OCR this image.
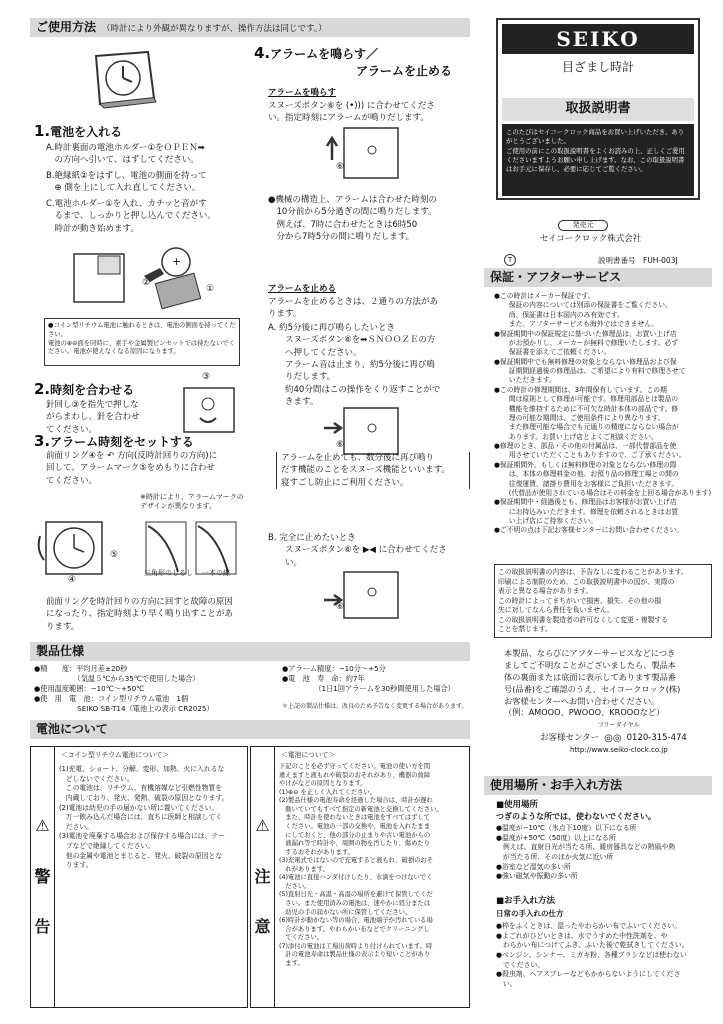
ご使用方法 （時計により外観が異なりますが、操作方法は同じです。）
1.電池を入れる
A.時計裏面の電池ホルダー①をＯＰＥＮ➡
　の方向へ引いて、はずしてください。
B.絶縁紙②をはずし、電池の側面を持って
　⊕ 側を上にして入れ直してください。
C.電池ホルダー①を入れ、カチッと音がす
　るまで、しっかりと押し込んでください。
　時計が動き始めます。
+
①
②
●コイン型リチウム電池に触れるときは、電池の側面を持ってください。
電池の⊕⊖面を同時に、素手や金属製ピンセットでは持たないでください。電池が使えなくなる原因になります。
2.時刻を合わせる
針回し③を指先で押しな
がらまわし、針を合わせ
てください。
③
3.アラーム時刻をセットする
前面リング④を ↶ 方向(反時計回りの方向)に
回して、アラームマーク⑤をめもりに合わせ
てください。
※時計により、アラームマークの
デザインが異なります。
三角形のしるし 一本の線
④
⑤
前面リングを時計回りの方向に回すと故障の原因
になったり、指定時刻より早く鳴り出すことがあ
ります。
4.アラームを鳴らす／
アラームを止める
アラームを鳴らす
スヌーズボタン⑥を (•))) に合わせてくださ
い。指定時刻にアラームが鳴りだします。
⑥
●機械の構造上、アラームは合わせた時刻の
　10分前から5分過ぎの間に鳴りだします。
　例えば、7時に合わせたときは6時50
　分から7時5分の間に鳴りだします。
アラームを止める
アラームを止めるときは、２通りの方法があ
ります。
A. 約5分後に再び鳴らしたいとき
　　スヌーズボタン⑥を➡ＳＮＯＯＺＥの方
　　へ押してください。
　　アラーム音は止まり、約5分後に再び鳴
　　りだします。
　　約40分間はこの操作をくり返すことがで
　　きます。
⑥
アラームを止めても、数分後に再び鳴り
だす機能のことをスヌーズ機能といいます。
寝すごし防止にご利用ください。
B. 完全に止めたいとき
　　スヌーズボタン⑥を ▶◀ に合わせてくださ
　　い。
⑥
SEIKO
目ざまし時計
取扱説明書
このたびはセイコークロック商品をお買い上げいただき、ありがとうございました。
ご使用の前にこの取扱説明書をよくお読みの上、正しくご愛用くださいますようお願い申し上げます。なお、この取扱説明書はお手元に保存し、必要に応じてご覧ください。
発売元
セイコークロック株式会社
T	説明書番号　FUH-003J
保証・アフターサービス

●この時計はメーカー保証です。
　保証の内容については別添の保証書をご覧ください。
　尚、保証書は日本国内のみ有効です。
　また、アフターサービスも海外ではできません。

●保証期間中の保証規定に基づいた修理品は、お買い上げ店
　がお預かりし、メーカーが無料で修理いたします。必ず
　保証書を添えてご依頼ください。

●保証期間中でも無料修理の対象とならない修理品および保
　証期間経過後の修理品は、ご希望により有料で修理させて
　いただきます。

●この時計の修理期間は、3年間保有しています。この期
　間は原則として修理が可能です。修理用部品とは製品の
　機能を維持するために不可欠な時計本体の部品です。修
　理の可能な期間は、ご使用条件により異なります。
　また修理可能な場合でも元通りの精度にならない場合が
　あります。お買い上げ店とよくご相談ください。

●修理のとき、部品・その他の付属品は、一部代替部品を使
　用させていただくこともありますので、ご了承ください。

●保証期間外、もしくは無料修理の対象とならない修理の際
　は、本体の修理料金の他、お預り品の修理工場との間の
　往復運賃、諸掛り費用をお客様にご負担いただきます。
　(代替品が使用されている場合はその料金を上回る場合があります)

●保証期間中・経過後とも、修理品はお客様がお買い上げ店
　にお持込みいただきます。修理を依頼されるときはお買
　い上げ店にご持参ください。

●ご不明の点は下記お客様センターにお問い合わせください。

この取扱説明書の内容は、予告なしに変わることがあります。
印刷による制限のため、この取扱説明書中の図が、実際の
表示と異なる場合があります。
この時計によってまちがいで損害、損失、その他の損
失に対してなんら責任を負いません。
この取扱説明書を製造者の許可なくして変更・複製する
ことを禁じます。
本製品、ならびにアフターサービスなどにつき
ましてご不明なことがございましたら、製品本
体の裏面または底面に表示してあります製品番
号(品番)をご確認のうえ、セイコークロック(株)
お客様センターへお問い合わせください。
（例：AMOOO、PWOOO、KROOOなど）
フリーダイヤル
お客様センター ◎◎ 0120-315-474
http://www.seiko-clock.co.jp
使用場所・お手入れ方法
■使用場所
つぎのような所では、使わないでください。
●温度が−10℃（氷点下10度）以下になる所
●温度が+50℃（50度）以上になる所
　例えば、直射日光が当たる所、暖房器具などの熱風や熱
　が当たる所、そのほか火気に近い所
●浴室など湿気の多い所
●強い磁気や振動の多い所
■お手入れ方法
日常の手入れの仕方
●枠をふくときは、湿ったやわらかい布でふいてください。
●よごれがひどいときは、水でうすめた中性洗剤を、や
　わらかい布につけてふき、ふいた後で乾拭きしてください。
●ベンジン、シンナー、ミガキ粉、各種ブラシなどは使わない
　でください。
●殺虫剤、ヘアスプレーなどもかからないようにしてくださ
　い。
製品仕様
●精　　度：平均月差±20秒
　　　　　　（気温５℃から35℃で使用した場合）
●使用温度範囲：−10℃〜+50℃
●使　用　電　池：コイン型リチウム電池　1個
　　　　　　SEIKO SB-T14（電池上の表示 CR2025）
●アラーム精度：−10分〜+5分
●電　池　寿　命：約7年
　　　　　（1日1回アラームを30秒間使用した場合）
＊上記の製品仕様は、改良のため予告なく変更する場合があります。
電池について
⚠
警
告
＜コイン型リチウム電池について＞
(1)充電、ショート、分解、変形、加熱、火に入れるな
　どしないでください。
　この電池は、リチウム、有機溶媒など引燃性物質を
　内蔵しており、発火、発熱、破裂の原因となります。
(2)電池は幼児の手の届かない所に置いてください。
　万一飲み込んだ場合には、直ちに医師と相談してく
　ださい。
(3)電池を廃棄する場合および保存する場合には、テー
　プなどで絶縁してください。
　他の金属や電池とまじると、発火、破裂の原因とな
　ります。
⚠
注
意
＜電池について＞
下記のことを必ず守ってください。電池の使い方を間
違えますと液もれや破裂のおそれがあり、機器の故障
やけがなどの原因となります。
(1)⊕⊖ を正しく入れてください。
(2)製品仕様の電池寿命を経過した場合は、時計が遅れ
　動いていてもすべて指定の新電池と交換してください。
　また、時計を使わないときは電池をすべてはずして
　ください。電池の一部の交換や、電池を入れたまま
　にしておくと、他の部分の止まりや古い電池からの
　液漏れ等で時計や、周囲の物を汚したり、傷めたり
　するおそれがあります。
(3)充電式ではないので充電すると液もれ、破損のおそ
　れがあります。
(4)電池に直接ハンダ付けしたり、水滴をつけないでく
　ださい。
(5)直射日光・高温・高湿の場所を避けて保管してくだ
　さい。また使用済みの電池は、速やかに処分または
　幼児の手の届かない所に保管してください。
(6)時計が動かない等の場合、電池端子が汚れている場
　合があります。やわらかい布などでクリーニングし
　てください。
(7)添付の電池は工場出荷時より付けられています。時
　計の電池寿命は製品仕様の表示より短いことがあり
　ます。
